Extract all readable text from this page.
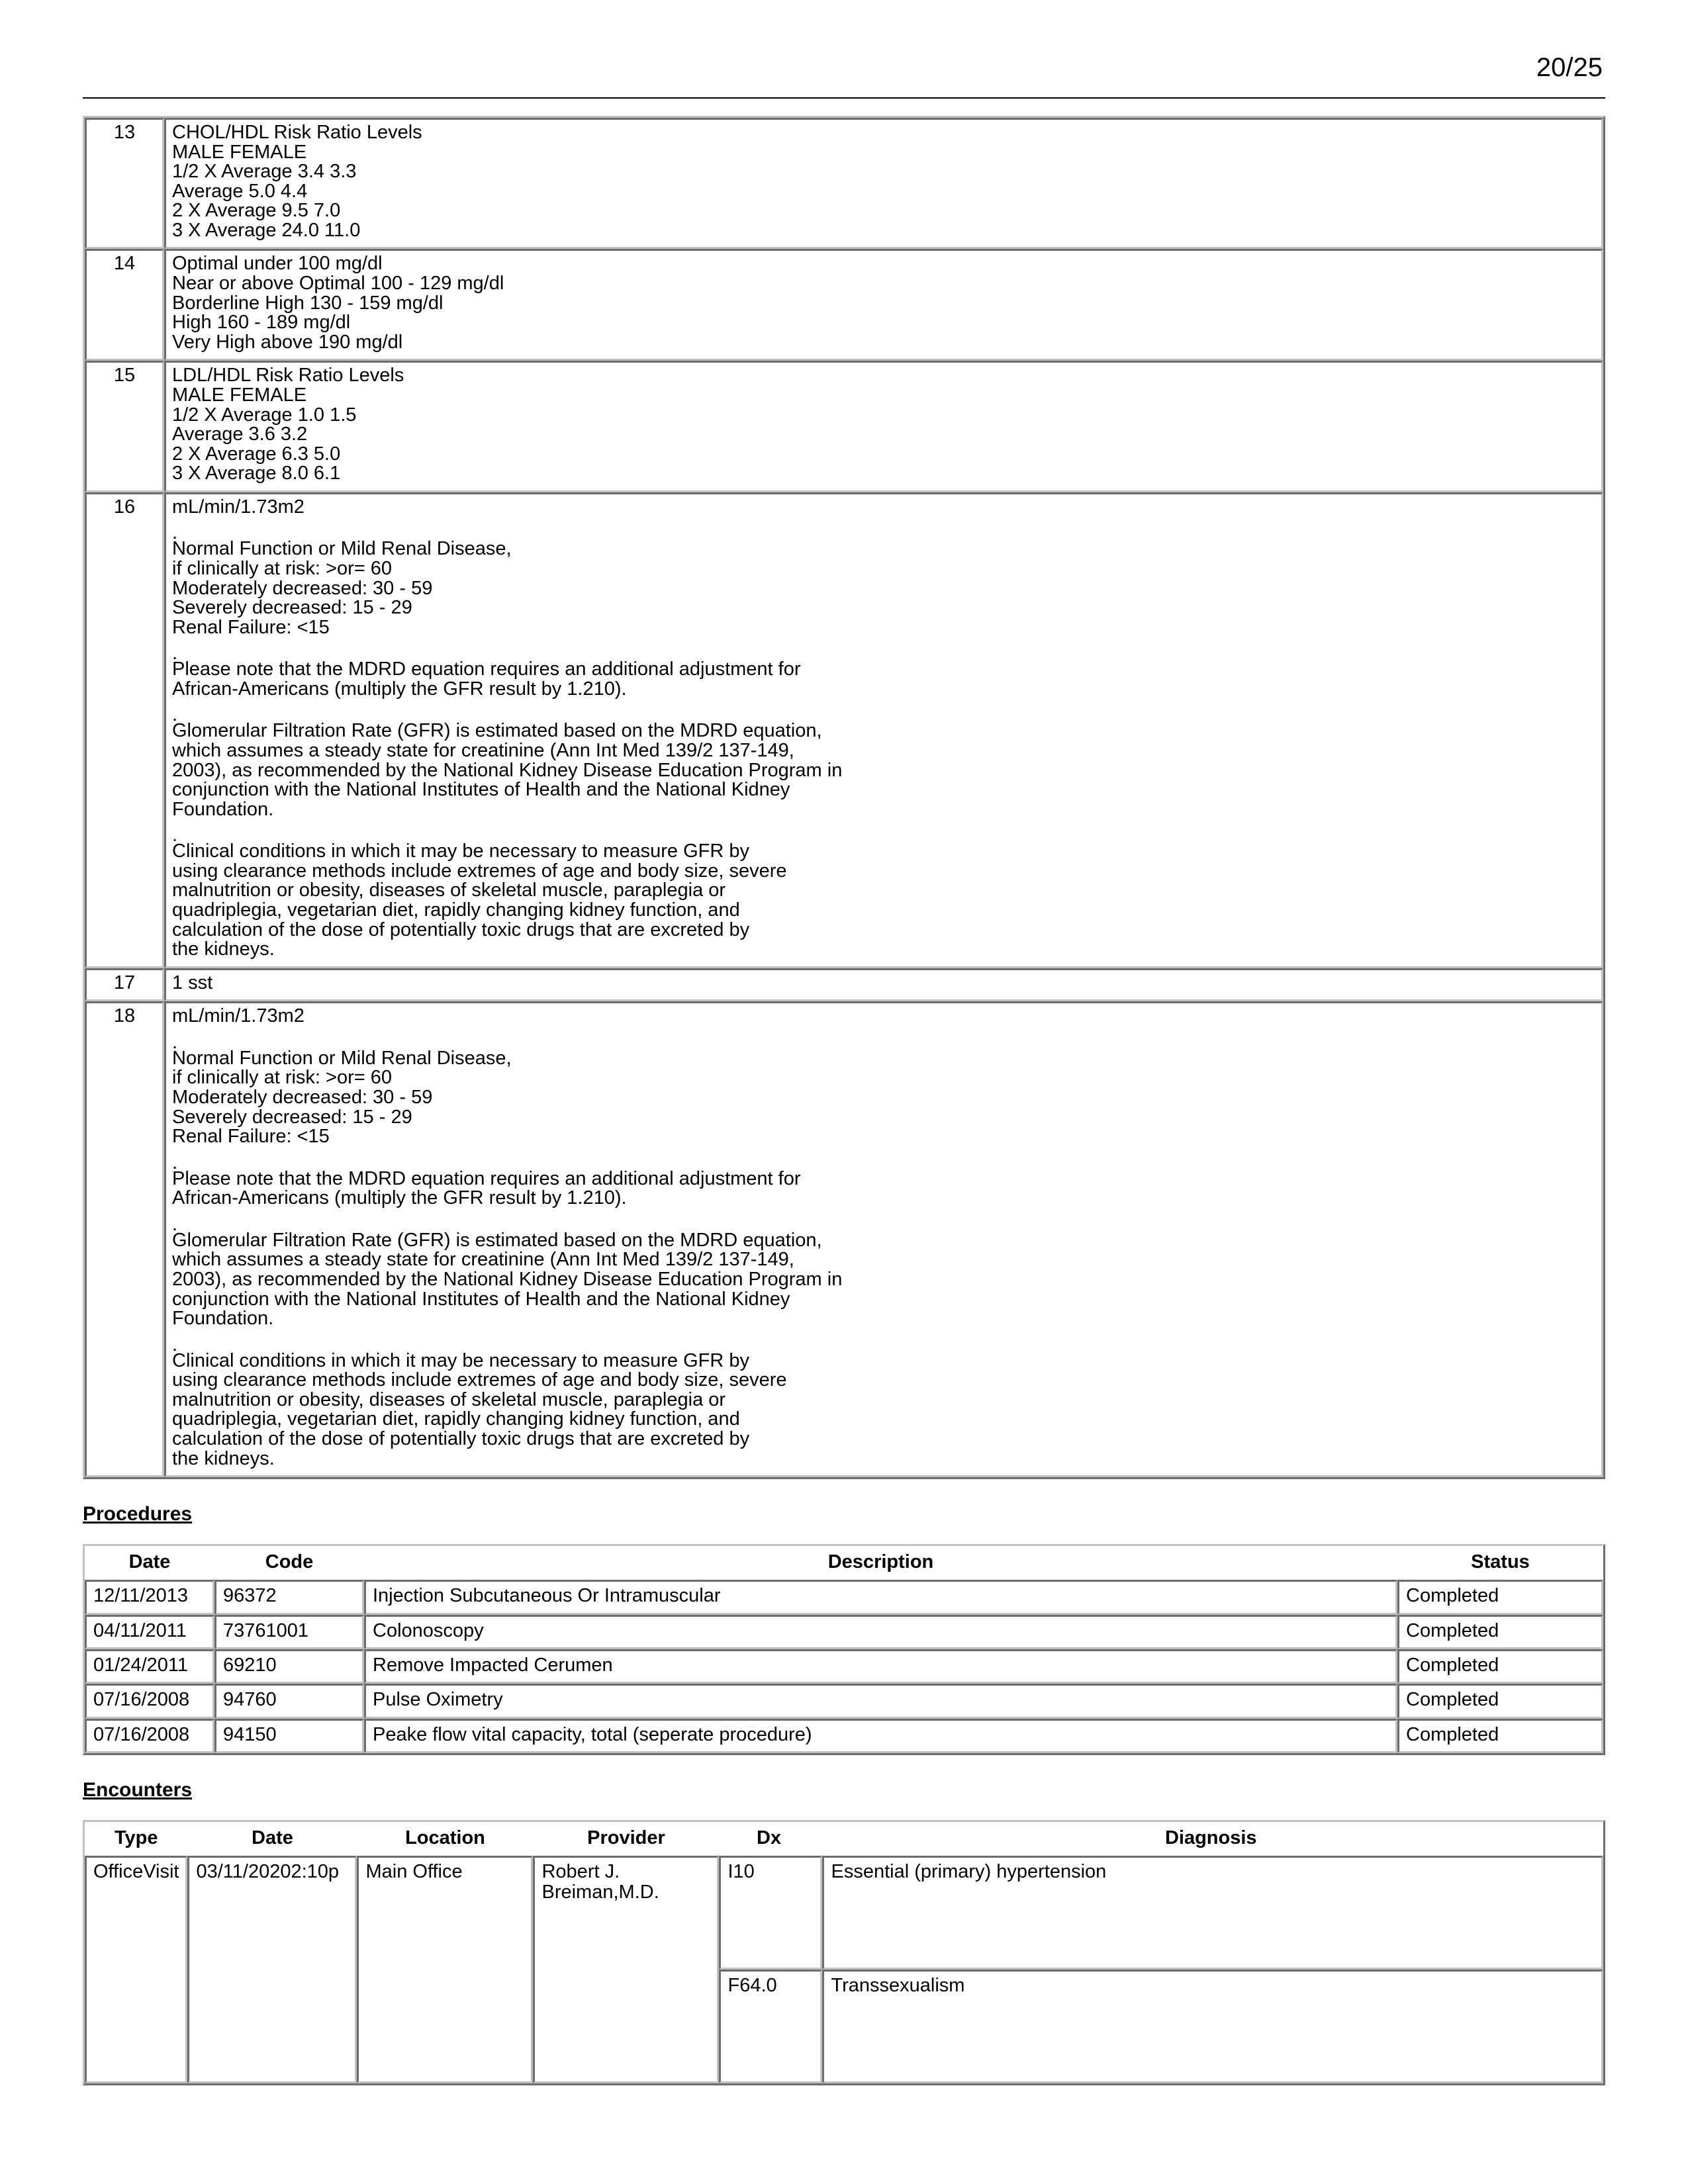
20/25
13	CHOL/HDL Risk Ratio Levels
MALE FEMALE
1/2 X Average 3.4 3.3
Average 5.0 4.4
2 X Average 9.5 7.0
3 X Average 24.0 11.0

14	Optimal under 100 mg/dl
Near or above Optimal 100 - 129 mg/dl
Borderline High 130 - 159 mg/dl
High 160 - 189 mg/dl
Very High above 190 mg/dl

15	LDL/HDL Risk Ratio Levels
MALE FEMALE
1/2 X Average 1.0 1.5
Average 3.6 3.2
2 X Average 6.3 5.0
3 X Average 8.0 6.1

16	mL/min/1.73m2

.
Normal Function or Mild Renal Disease,
if clinically at risk: >or= 60
Moderately decreased: 30 - 59
Severely decreased: 15 - 29
Renal Failure: <15

.
Please note that the MDRD equation requires an additional adjustment for
African-Americans (multiply the GFR result by 1.210).

.
Glomerular Filtration Rate (GFR) is estimated based on the MDRD equation,
which assumes a steady state for creatinine (Ann Int Med 139/2 137-149,
2003), as recommended by the National Kidney Disease Education Program in
conjunction with the National Institutes of Health and the National Kidney
Foundation.

.
Clinical conditions in which it may be necessary to measure GFR by
using clearance methods include extremes of age and body size, severe
malnutrition or obesity, diseases of skeletal muscle, paraplegia or
quadriplegia, vegetarian diet, rapidly changing kidney function, and
calculation of the dose of potentially toxic drugs that are excreted by
the kidneys.

17	1 sst

18	mL/min/1.73m2

.
Normal Function or Mild Renal Disease,
if clinically at risk: >or= 60
Moderately decreased: 30 - 59
Severely decreased: 15 - 29
Renal Failure: <15

.
Please note that the MDRD equation requires an additional adjustment for
African-Americans (multiply the GFR result by 1.210).

.
Glomerular Filtration Rate (GFR) is estimated based on the MDRD equation,
which assumes a steady state for creatinine (Ann Int Med 139/2 137-149,
2003), as recommended by the National Kidney Disease Education Program in
conjunction with the National Institutes of Health and the National Kidney
Foundation.

.
Clinical conditions in which it may be necessary to measure GFR by
using clearance methods include extremes of age and body size, severe
malnutrition or obesity, diseases of skeletal muscle, paraplegia or
quadriplegia, vegetarian diet, rapidly changing kidney function, and
calculation of the dose of potentially toxic drugs that are excreted by
the kidneys.
Procedures
Date	Code	Description	Status
12/11/2013	96372	Injection Subcutaneous Or Intramuscular	Completed
04/11/2011	73761001	Colonoscopy	Completed
01/24/2011	69210	Remove Impacted Cerumen	Completed
07/16/2008	94760	Pulse Oximetry	Completed
07/16/2008	94150	Peake flow vital capacity, total (seperate procedure)	Completed
Encounters
Type	Date	Location	Provider	Dx	Diagnosis
OfficeVisit	03/11/20202:10p	Main Office	Robert J. Breiman,M.D.	
I10	Essential (primary) hypertension
F64.0	Transsexualism
